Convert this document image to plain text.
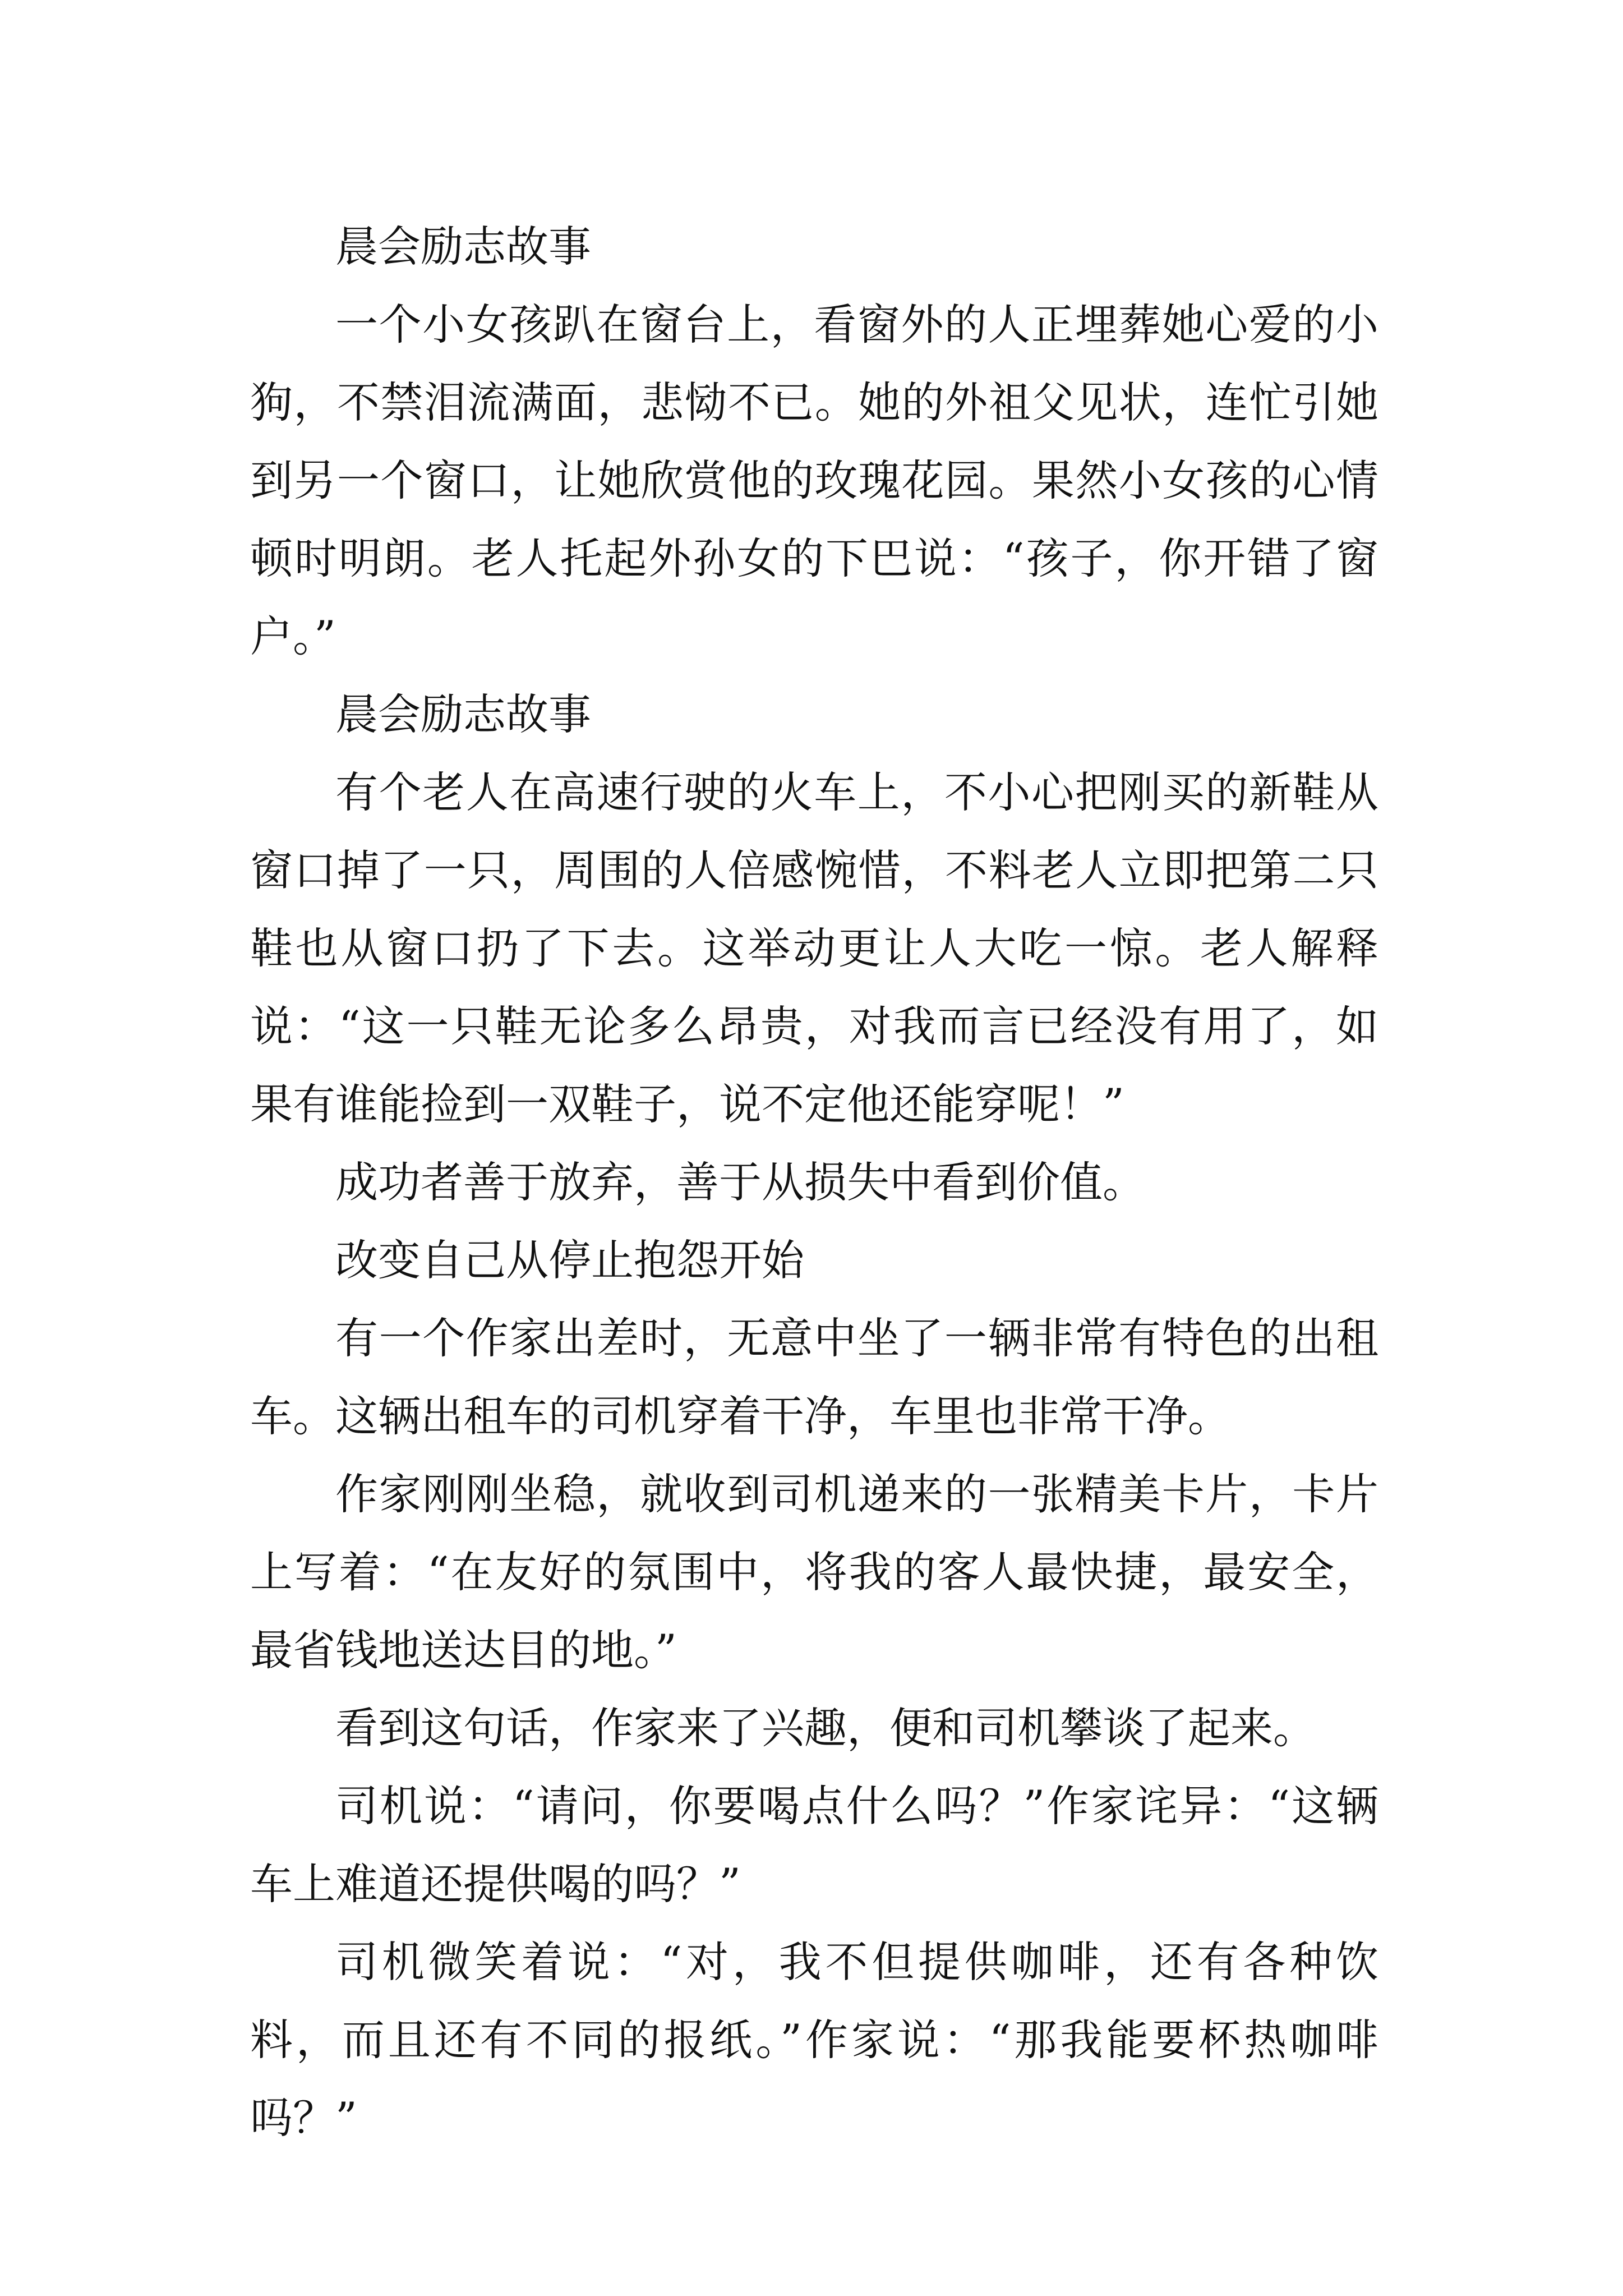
晨会励志故事

一个小女孩趴在窗台上，看窗外的人正埋葬她心爱的小狗，不禁泪流满面，悲恸不已。她的外祖父见状，连忙引她到另一个窗口，让她欣赏他的玫瑰花园。果然小女孩的心情顿时明朗。老人托起外孙女的下巴说：“孩子，你开错了窗户。”

晨会励志故事

有个老人在高速行驶的火车上，不小心把刚买的新鞋从窗口掉了一只，周围的人倍感惋惜，不料老人立即把第二只鞋也从窗口扔了下去。这举动更让人大吃一惊。老人解释说：“这一只鞋无论多么昂贵，对我而言已经没有用了，如果有谁能捡到一双鞋子，说不定他还能穿呢！”

成功者善于放弃，善于从损失中看到价值。

改变自己从停止抱怨开始

有一个作家出差时，无意中坐了一辆非常有特色的出租车。这辆出租车的司机穿着干净，车里也非常干净。

作家刚刚坐稳，就收到司机递来的一张精美卡片，卡片上写着：“在友好的氛围中，将我的客人最快捷，最安全，最省钱地送达目的地。”

看到这句话，作家来了兴趣，便和司机攀谈了起来。

司机说：“请问，你要喝点什么吗？”作家诧异：“这辆车上难道还提供喝的吗？”

司机微笑着说：“对，我不但提供咖啡，还有各种饮料，而且还有不同的报纸。”作家说：“那我能要杯热咖啡吗？”
